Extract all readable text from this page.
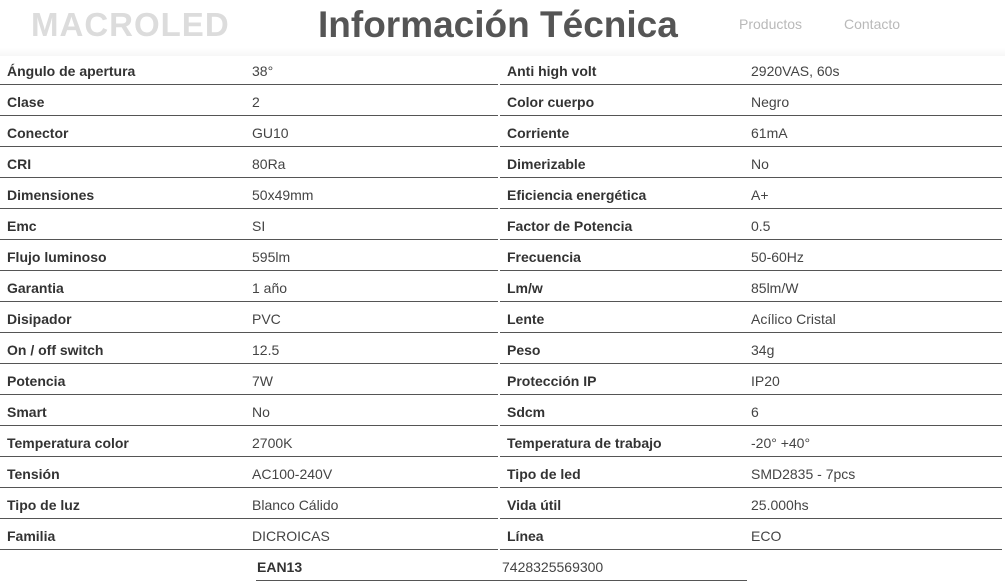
MACROLED Información Técnica	Productos	Contacto
Ángulo de apertura	38°	Anti high volt	2920VAS, 60s
Clase	2	Color cuerpo	Negro
Conector	GU10	Corriente	61mA
CRI	80Ra	Dimerizable	No
Dimensiones	50x49mm	Eficiencia energética	A+
Emc	SI	Factor de Potencia	0.5
Flujo luminoso	595lm	Frecuencia	50-60Hz
Garantia	1 año	Lm/w	85lm/W
Disipador	PVC	Lente	Acílico Cristal
On / off switch	12.5	Peso	34g
Potencia	7W	Protección IP	IP20
Smart	No	Sdcm	6
Temperatura color	2700K	Temperatura de trabajo	-20° +40°
Tensión	AC100-240V	Tipo de led	SMD2835 - 7pcs
Tipo de luz	Blanco Cálido	Vida útil	25.000hs
Familia	DICROICAS	Línea	ECO
EAN13	7428325569300
